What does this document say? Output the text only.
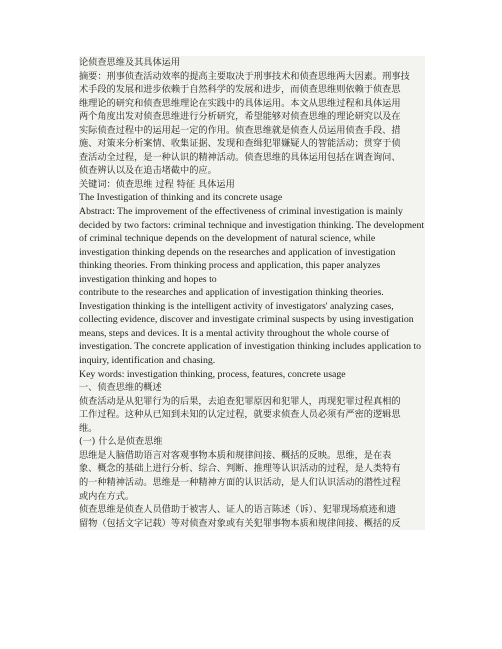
论侦查思维及其具体运用
摘要：刑事侦查活动效率的提高主要取决于刑事技术和侦查思维两大因素。刑事技
术手段的发展和进步依赖于自然科学的发展和进步，而侦查思维则依赖于侦查思
维理论的研究和侦查思维理论在实践中的具体运用。本文从思维过程和具体运用
两个角度出发对侦查思维进行分析研究，希望能够对侦查思维的理论研究以及在
实际侦查过程中的运用起一定的作用。侦查思维就是侦查人员运用侦查手段、措
施、对策来分析案情、收集证据、发现和查缉犯罪嫌疑人的智能活动；贯穿于侦
查活动全过程，是一种认识的精神活动。侦查思维的具体运用包括在调查询问、
侦查辨认以及在追击堵截中的应。
关键词：侦查思维 过程 特征 具体运用
The Investigation of thinking and its concrete usage
Abstract: The improvement of the effectiveness of criminal investigation is mainly
decided by two factors: criminal technique and investigation thinking. The development
of criminal technique depends on the development of natural science, while
investigation thinking depends on the researches and application of investigation
thinking theories. From thinking process and application, this paper analyzes
investigation thinking and hopes to
contribute to the researches and application of investigation thinking theories.
Investigation thinking is the intelligent activity of investigators' analyzing cases,
collecting evidence, discover and investigate criminal suspects by using investigation
means, steps and devices. It is a mental activity throughout the whole course of
investigation. The concrete application of investigation thinking includes application to
inquiry, identification and chasing.
Key words: investigation thinking, process, features, concrete usage
一、侦查思维的概述
侦查活动是从犯罪行为的后果，去追查犯罪原因和犯罪人，再现犯罪过程真相的
工作过程。这种从已知到未知的认定过程，就要求侦查人员必须有严密的逻辑思
维。
(一) 什么是侦查思维
思维是人脑借助语言对客观事物本质和规律间接、概括的反映。思维，是在表
象、概念的基础上进行分析、综合、判断、推理等认识活动的过程，是人类特有
的一种精神活动。思维是一种精神方面的认识活动，是人们认识活动的潜性过程
或内在方式。
侦查思维是侦查人员借助于被害人、证人的语言陈述（诉）、犯罪现场痕迹和遗
留物（包括文字记载）等对侦查对象或有关犯罪事物本质和规律间接、概括的反
